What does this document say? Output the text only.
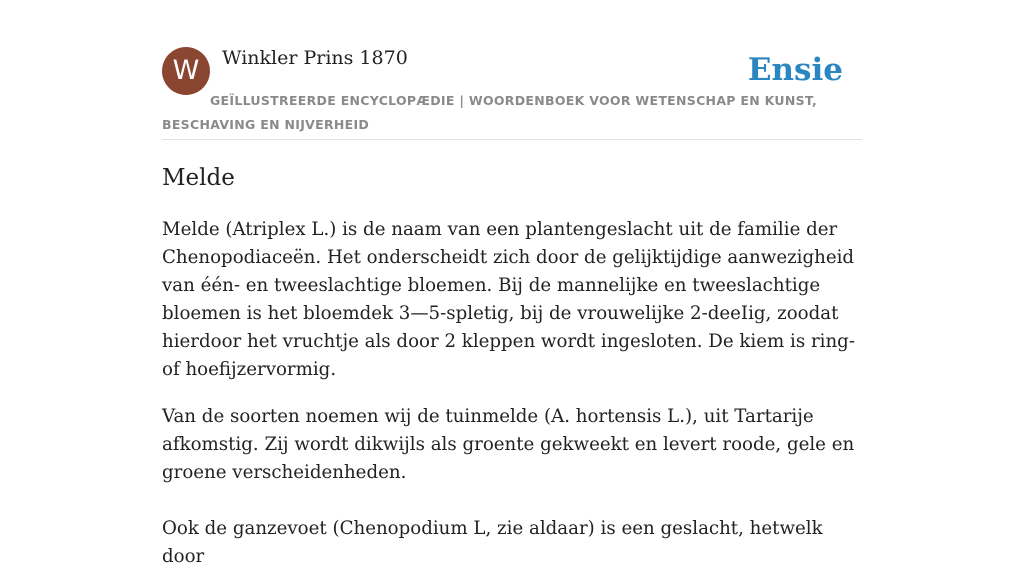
W	Winkler Prins 1870	Ensie

GEÏLLUSTREERDE ENCYCLOPÆDIE | WOORDENBOEK VOOR WETENSCHAP EN KUNST, BESCHAVING EN NIJVERHEID

Melde

Melde (Atriplex L.) is de naam van een plantengeslacht uit de familie der Chenopodiaceën. Het onderscheidt zich door de gelijktijdige aanwezigheid van één- en tweeslachtige bloemen. Bij de mannelijke en tweeslachtige bloemen is het bloemdek 3—5-spletig, bij de vrouwelijke 2-deeIig, zoodat hierdoor het vruchtje als door 2 kleppen wordt ingesloten. De kiem is ring- of hoefijzervormig.

Van de soorten noemen wij de tuinmelde (A. hortensis L.), uit Tartarije afkomstig. Zij wordt dikwijls als groente gekweekt en levert roode, gele en groene verscheidenheden.

Ook de ganzevoet (Chenopodium L, zie aldaar) is een geslacht, hetwelk door
